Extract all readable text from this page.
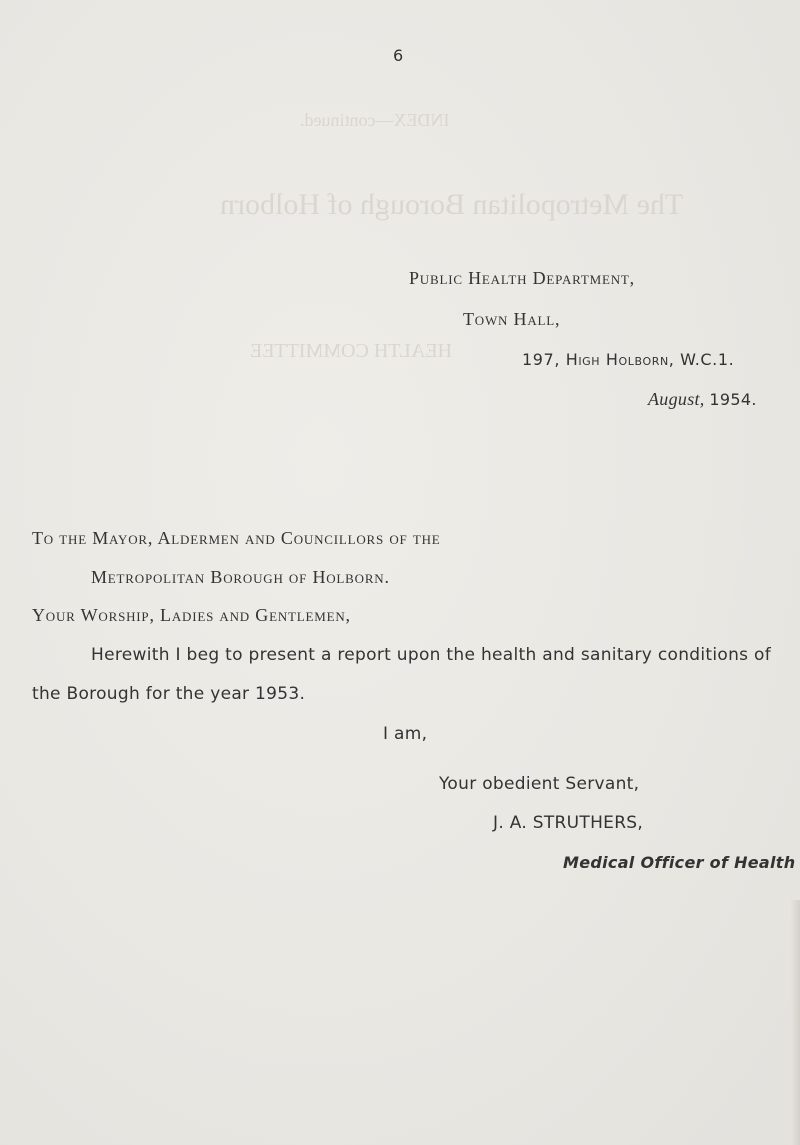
The Metropolitan Borough of Holborn
HEALTH COMMITTEE
INDEX—continued.
6
Public Health Department,
Town Hall,
197, High Holborn, W.C.1.
August, 1954.
To the Mayor, Aldermen and Councillors of the
Metropolitan Borough of Holborn.
Your Worship, Ladies and Gentlemen,
Herewith I beg to present a report upon the health and sanitary conditions of
the Borough for the year 1953.
I am,
Your obedient Servant,
J. A. STRUTHERS,
Medical Officer of Health
